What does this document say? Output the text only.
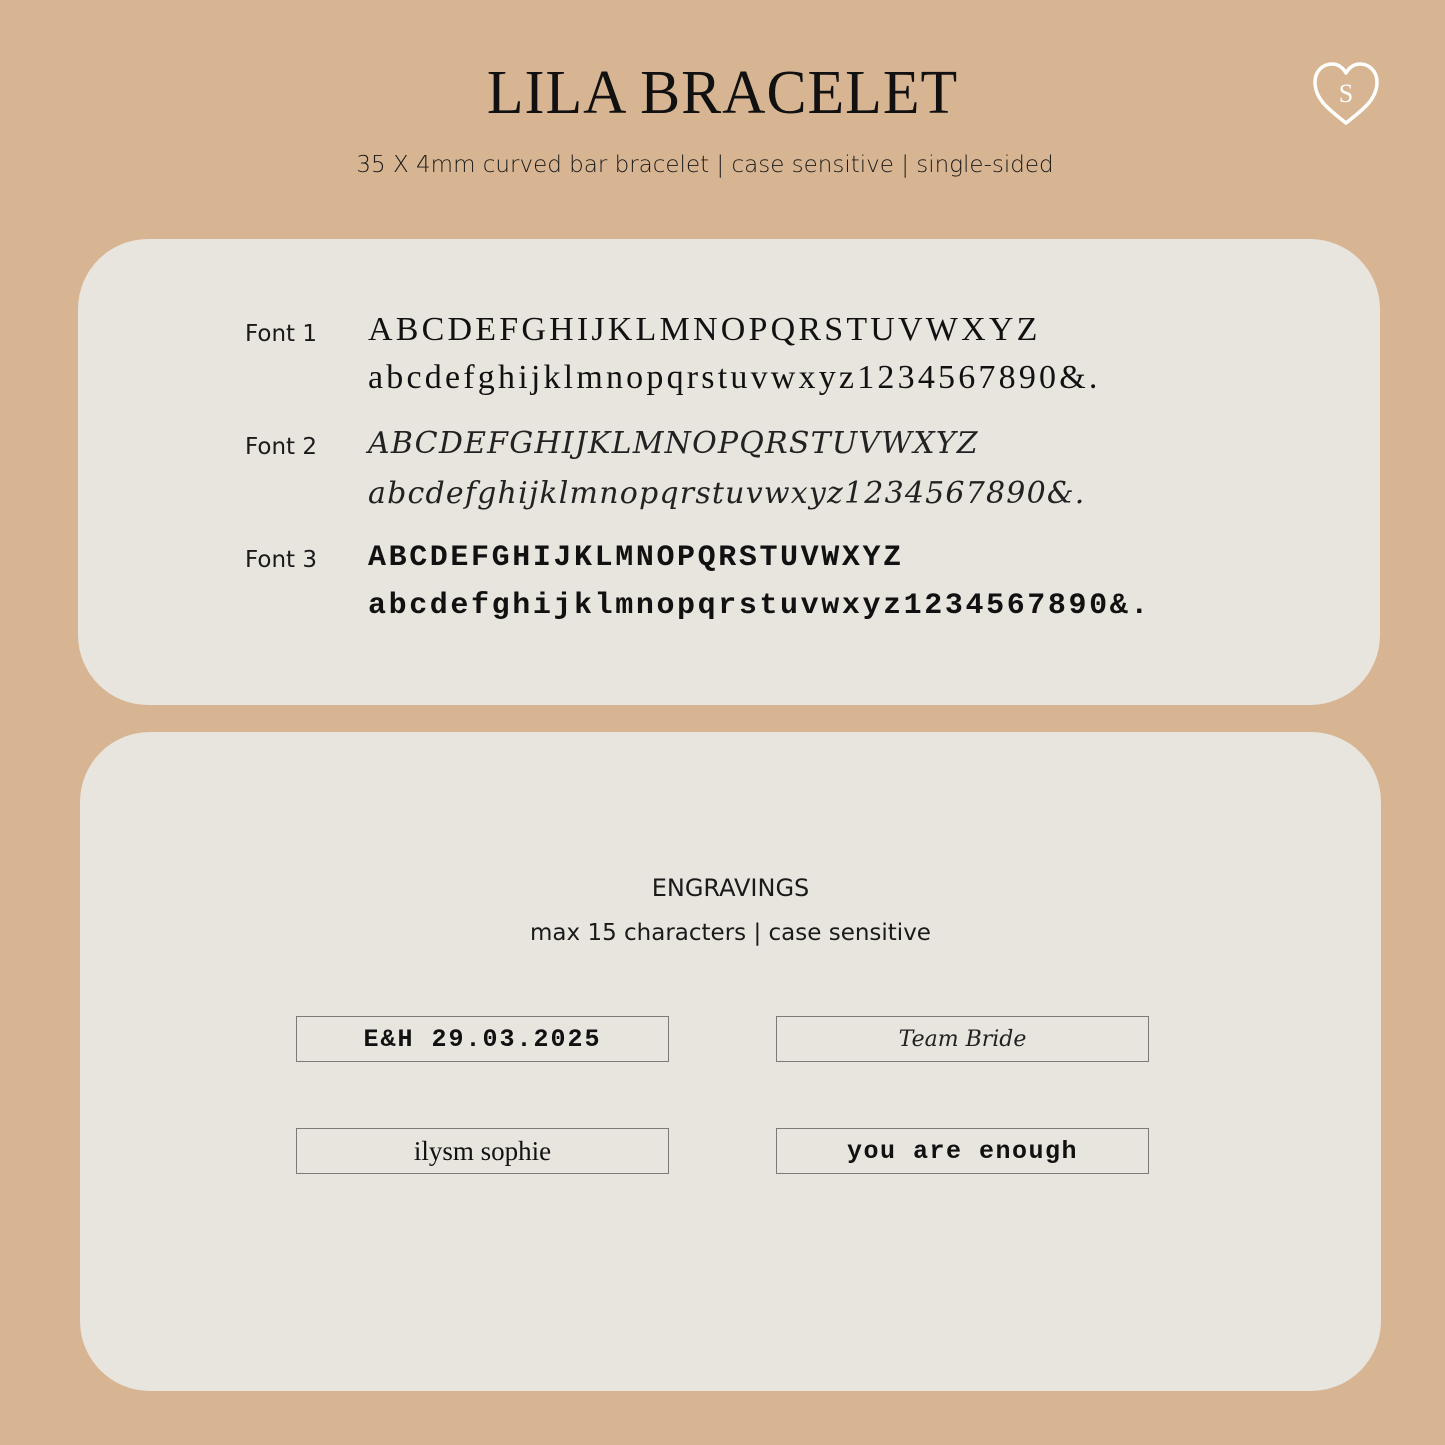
LILA BRACELET
35 X 4mm curved bar bracelet | case sensitive | single-sided
S
Font 1 ABCDEFGHIJKLMNOPQRSTUVWXYZ
abcdefghijklmnopqrstuvwxyz1234567890&.
Font 2 ABCDEFGHIJKLMNOPQRSTUVWXYZ
abcdefghijklmnopqrstuvwxyz1234567890&.
Font 3 ABCDEFGHIJKLMNOPQRSTUVWXYZ
abcdefghijklmnopqrstuvwxyz1234567890&.
ENGRAVINGS
max 15 characters | case sensitive
E&H 29.03.2025	Team Bride
ilysm sophie	you are enough
